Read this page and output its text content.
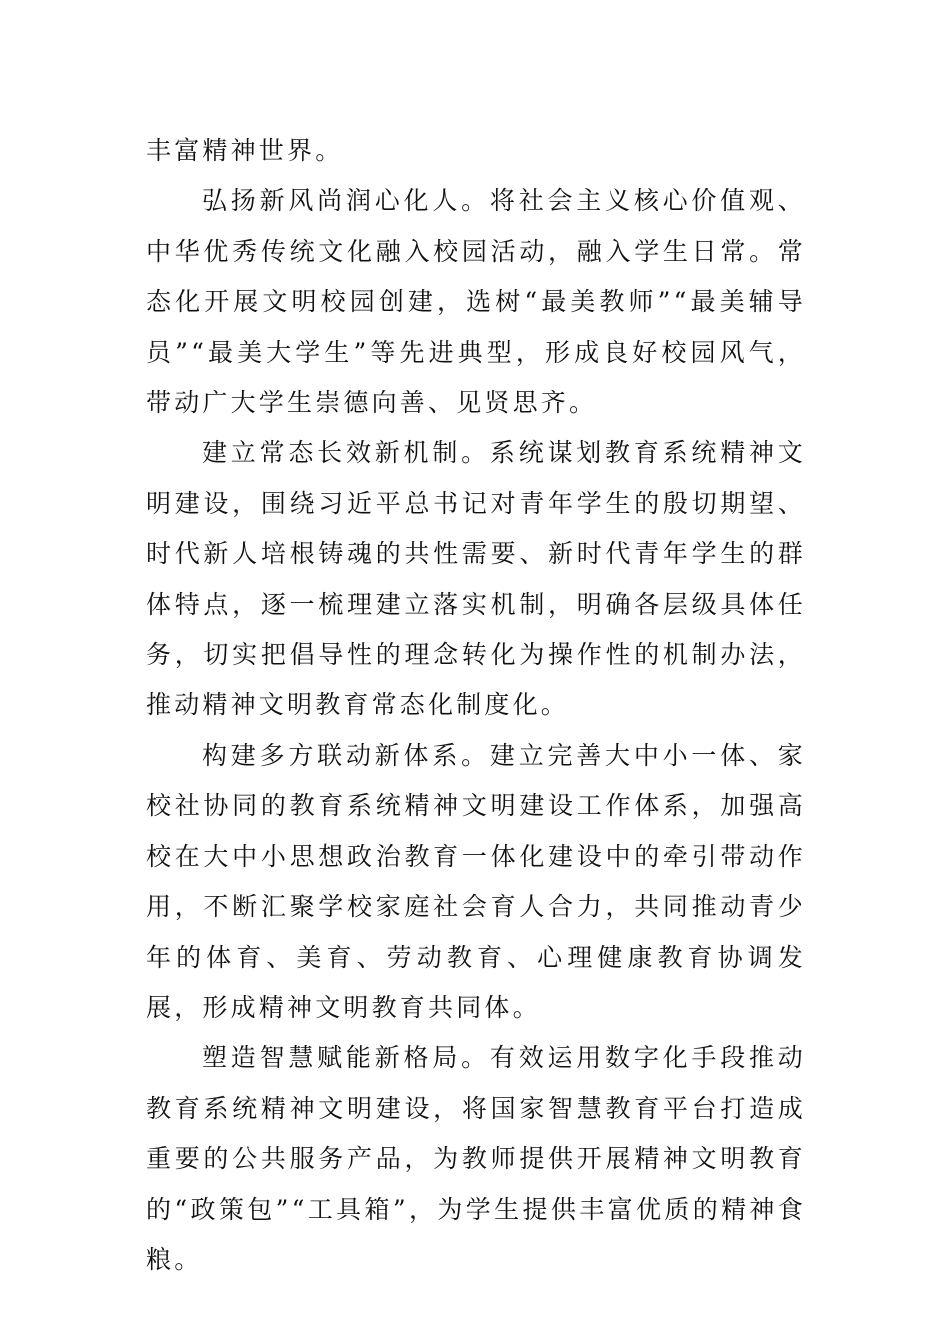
丰富精神世界。

弘扬新风尚润心化人。将社会主义核心价值观、中华优秀传统文化融入校园活动，融入学生日常。常态化开展文明校园创建，选树“最美教师”“最美辅导员”“最美大学生”等先进典型，形成良好校园风气，带动广大学生崇德向善、见贤思齐。

建立常态长效新机制。系统谋划教育系统精神文明建设，围绕习近平总书记对青年学生的殷切期望、时代新人培根铸魂的共性需要、新时代青年学生的群体特点，逐一梳理建立落实机制，明确各层级具体任务，切实把倡导性的理念转化为操作性的机制办法，推动精神文明教育常态化制度化。

构建多方联动新体系。建立完善大中小一体、家校社协同的教育系统精神文明建设工作体系，加强高校在大中小思想政治教育一体化建设中的牵引带动作用，不断汇聚学校家庭社会育人合力，共同推动青少年的体育、美育、劳动教育、心理健康教育协调发展，形成精神文明教育共同体。

塑造智慧赋能新格局。有效运用数字化手段推动教育系统精神文明建设，将国家智慧教育平台打造成重要的公共服务产品，为教师提供开展精神文明教育的“政策包”“工具箱”，为学生提供丰富优质的精神食粮。
